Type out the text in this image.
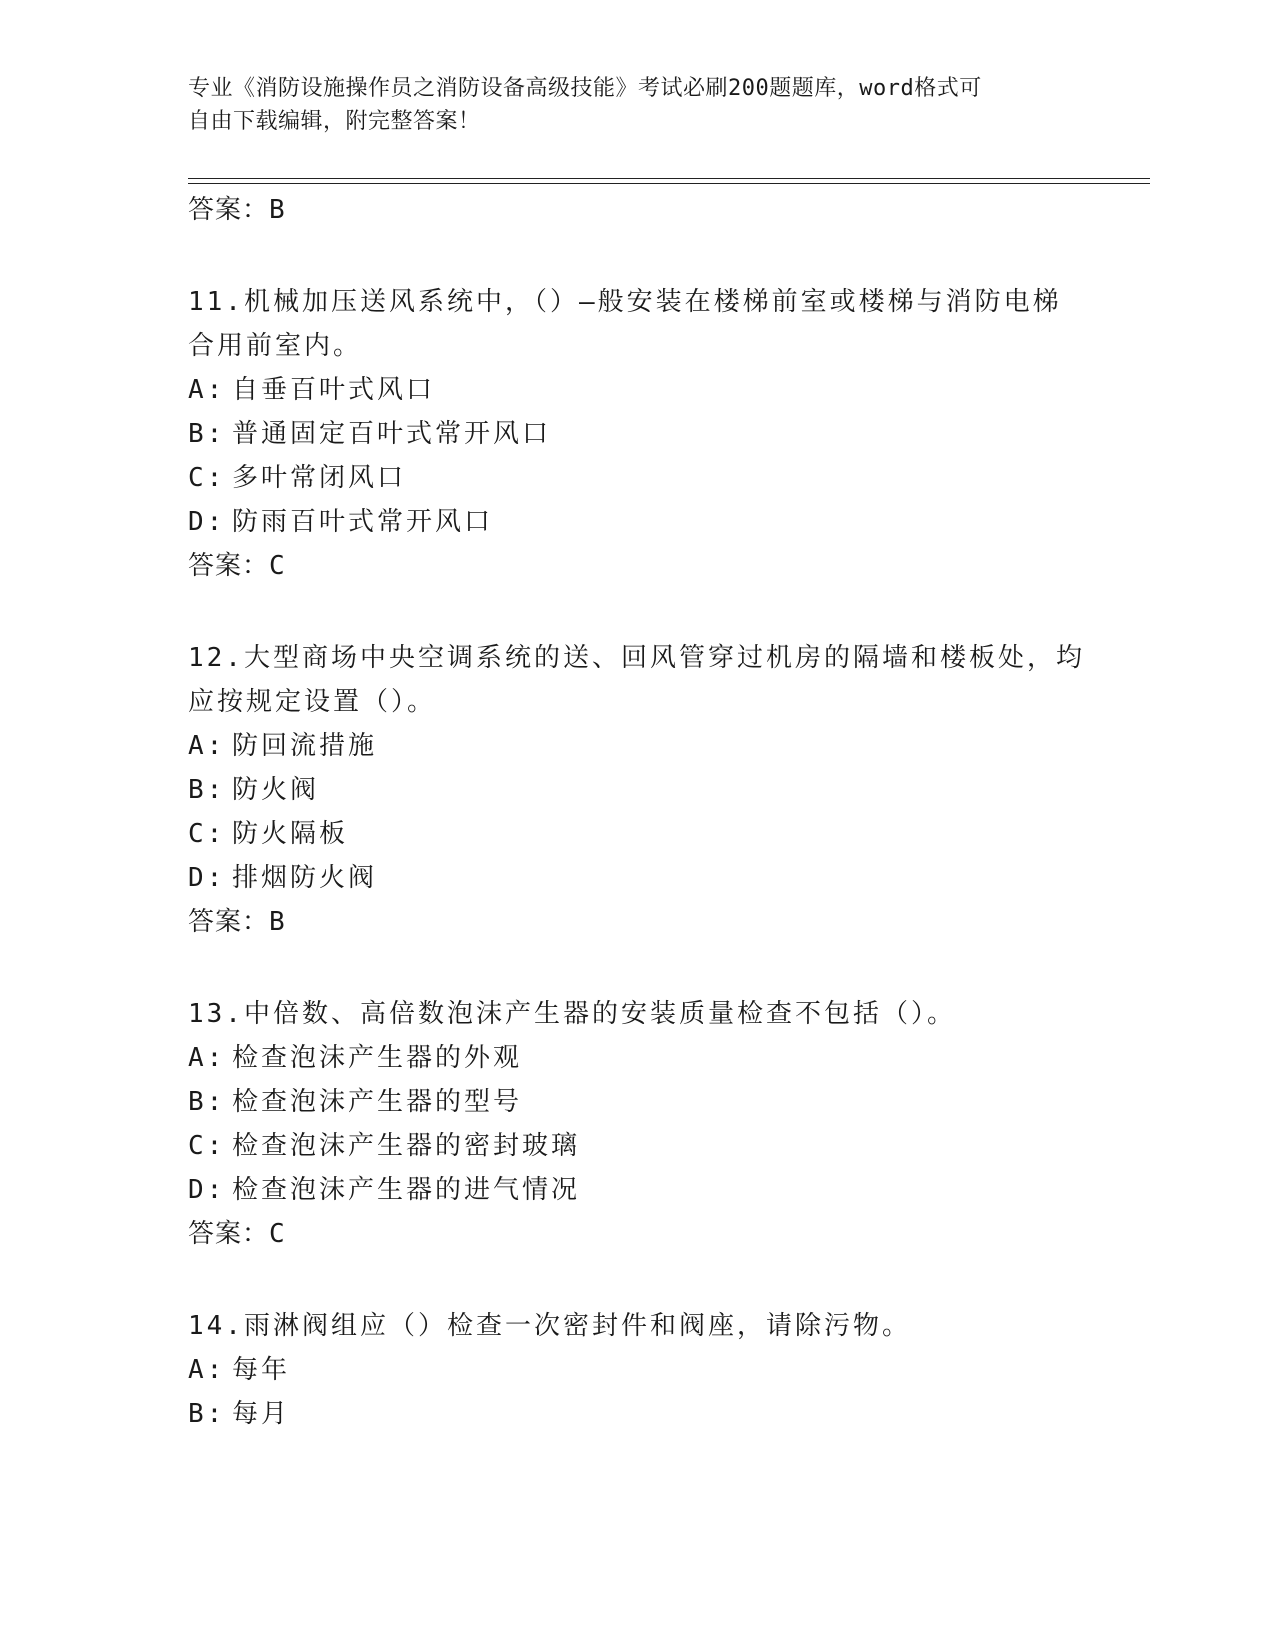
专业《消防设施操作员之消防设备高级技能》考试必刷200题题库，word格式可
自由下载编辑，附完整答案！
答案：B
11.机械加压送风系统中，（）—般安装在楼梯前室或楼梯与消防电梯
合用前室内。
A: 自垂百叶式风口
B: 普通固定百叶式常开风口
C: 多叶常闭风口
D: 防雨百叶式常开风口
答案：C
12.大型商场中央空调系统的送、回风管穿过机房的隔墙和楼板处，均
应按规定设置（）。
A: 防回流措施
B: 防火阀
C: 防火隔板
D: 排烟防火阀
答案：B
13.中倍数、高倍数泡沫产生器的安装质量检查不包括（）。
A: 检查泡沫产生器的外观
B: 检查泡沫产生器的型号
C: 检查泡沫产生器的密封玻璃
D: 检查泡沫产生器的进气情况
答案：C
14.雨淋阀组应（）检查一次密封件和阀座，请除污物。
A: 每年
B: 每月
